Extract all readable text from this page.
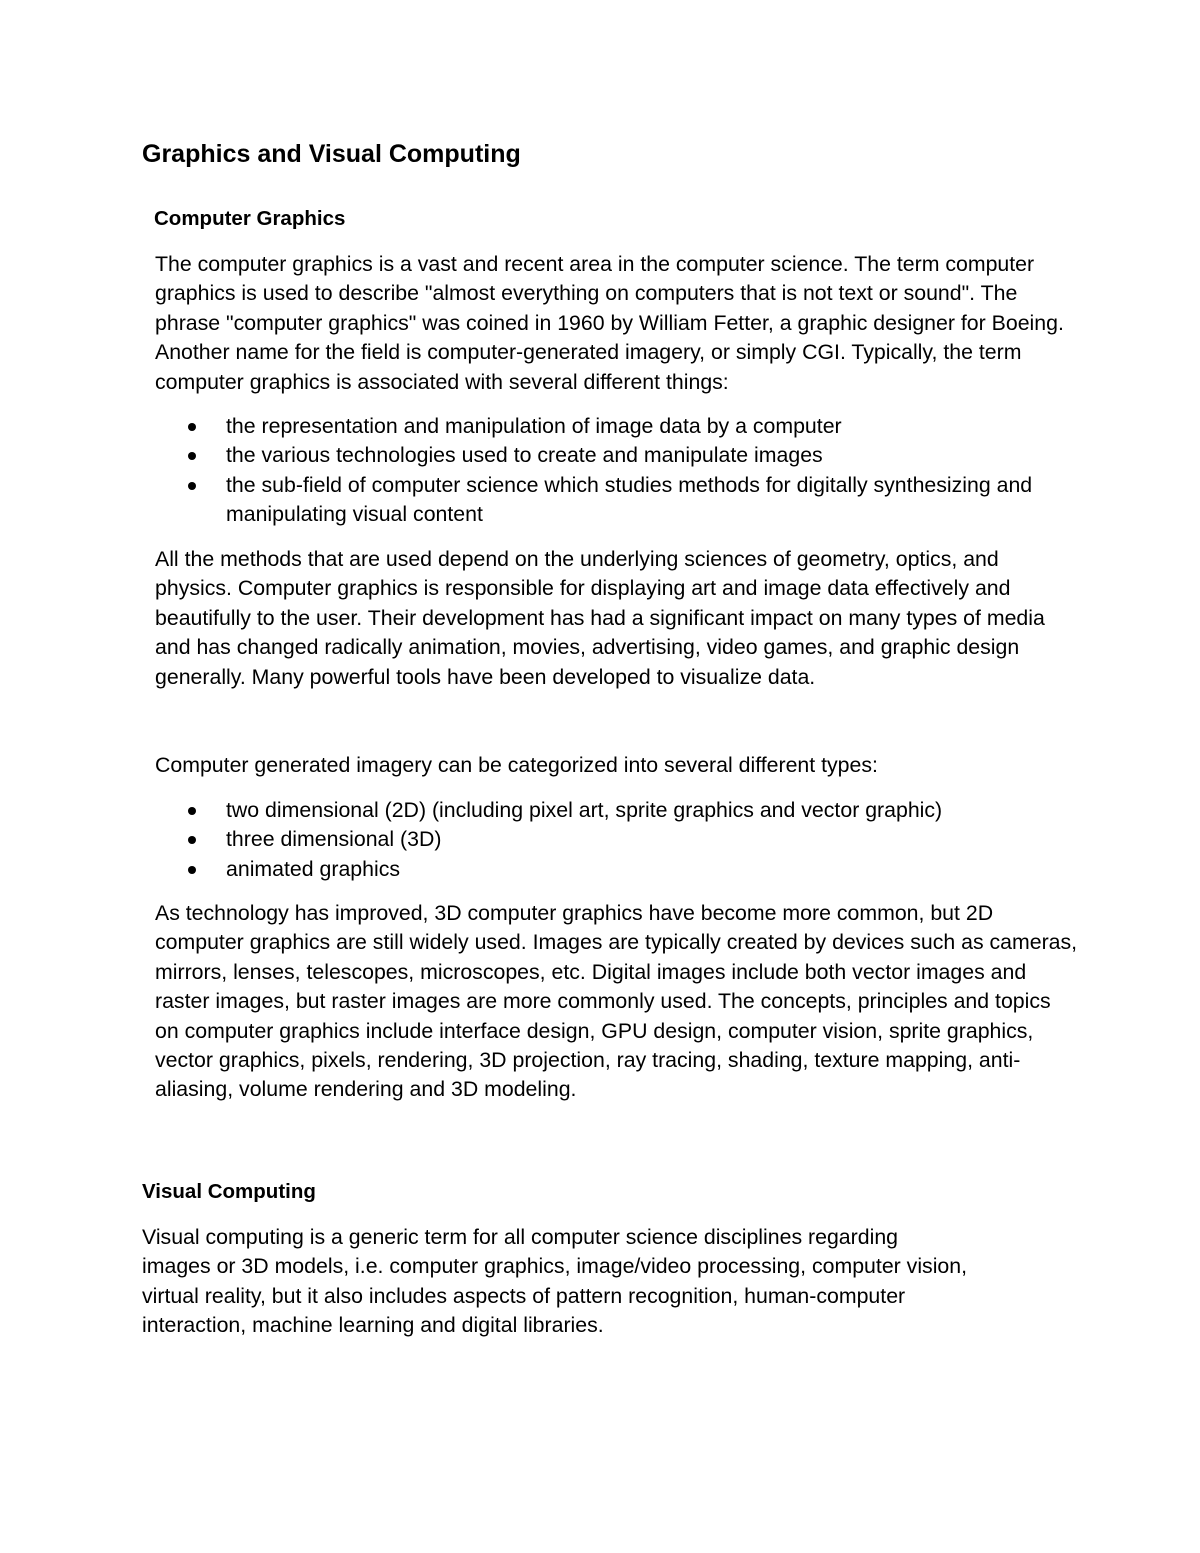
Graphics and Visual Computing
Computer Graphics
The computer graphics is a vast and recent area in the computer science. The term computer
graphics is used to describe "almost everything on computers that is not text or sound". The
phrase "computer graphics" was coined in 1960 by William Fetter, a graphic designer for Boeing.
Another name for the field is computer-generated imagery, or simply CGI. Typically, the term
computer graphics is associated with several different things:
the representation and manipulation of image data by a computer
the various technologies used to create and manipulate images
the sub-field of computer science which studies methods for digitally synthesizing and
manipulating visual content
All the methods that are used depend on the underlying sciences of geometry, optics, and
physics. Computer graphics is responsible for displaying art and image data effectively and
beautifully to the user. Their development has had a significant impact on many types of media
and has changed radically animation, movies, advertising, video games, and graphic design
generally. Many powerful tools have been developed to visualize data.
Computer generated imagery can be categorized into several different types:
two dimensional (2D) (including pixel art, sprite graphics and vector graphic)
three dimensional (3D)
animated graphics
As technology has improved, 3D computer graphics have become more common, but 2D
computer graphics are still widely used. Images are typically created by devices such as cameras,
mirrors, lenses, telescopes, microscopes, etc. Digital images include both vector images and
raster images, but raster images are more commonly used. The concepts, principles and topics
on computer graphics include interface design, GPU design, computer vision, sprite graphics,
vector graphics, pixels, rendering, 3D projection, ray tracing, shading, texture mapping, anti-
aliasing, volume rendering and 3D modeling.
Visual Computing
Visual computing is a generic term for all computer science disciplines regarding
images or 3D models, i.e. computer graphics, image/video processing, computer vision,
virtual reality, but it also includes aspects of pattern recognition, human-computer
interaction, machine learning and digital libraries.
